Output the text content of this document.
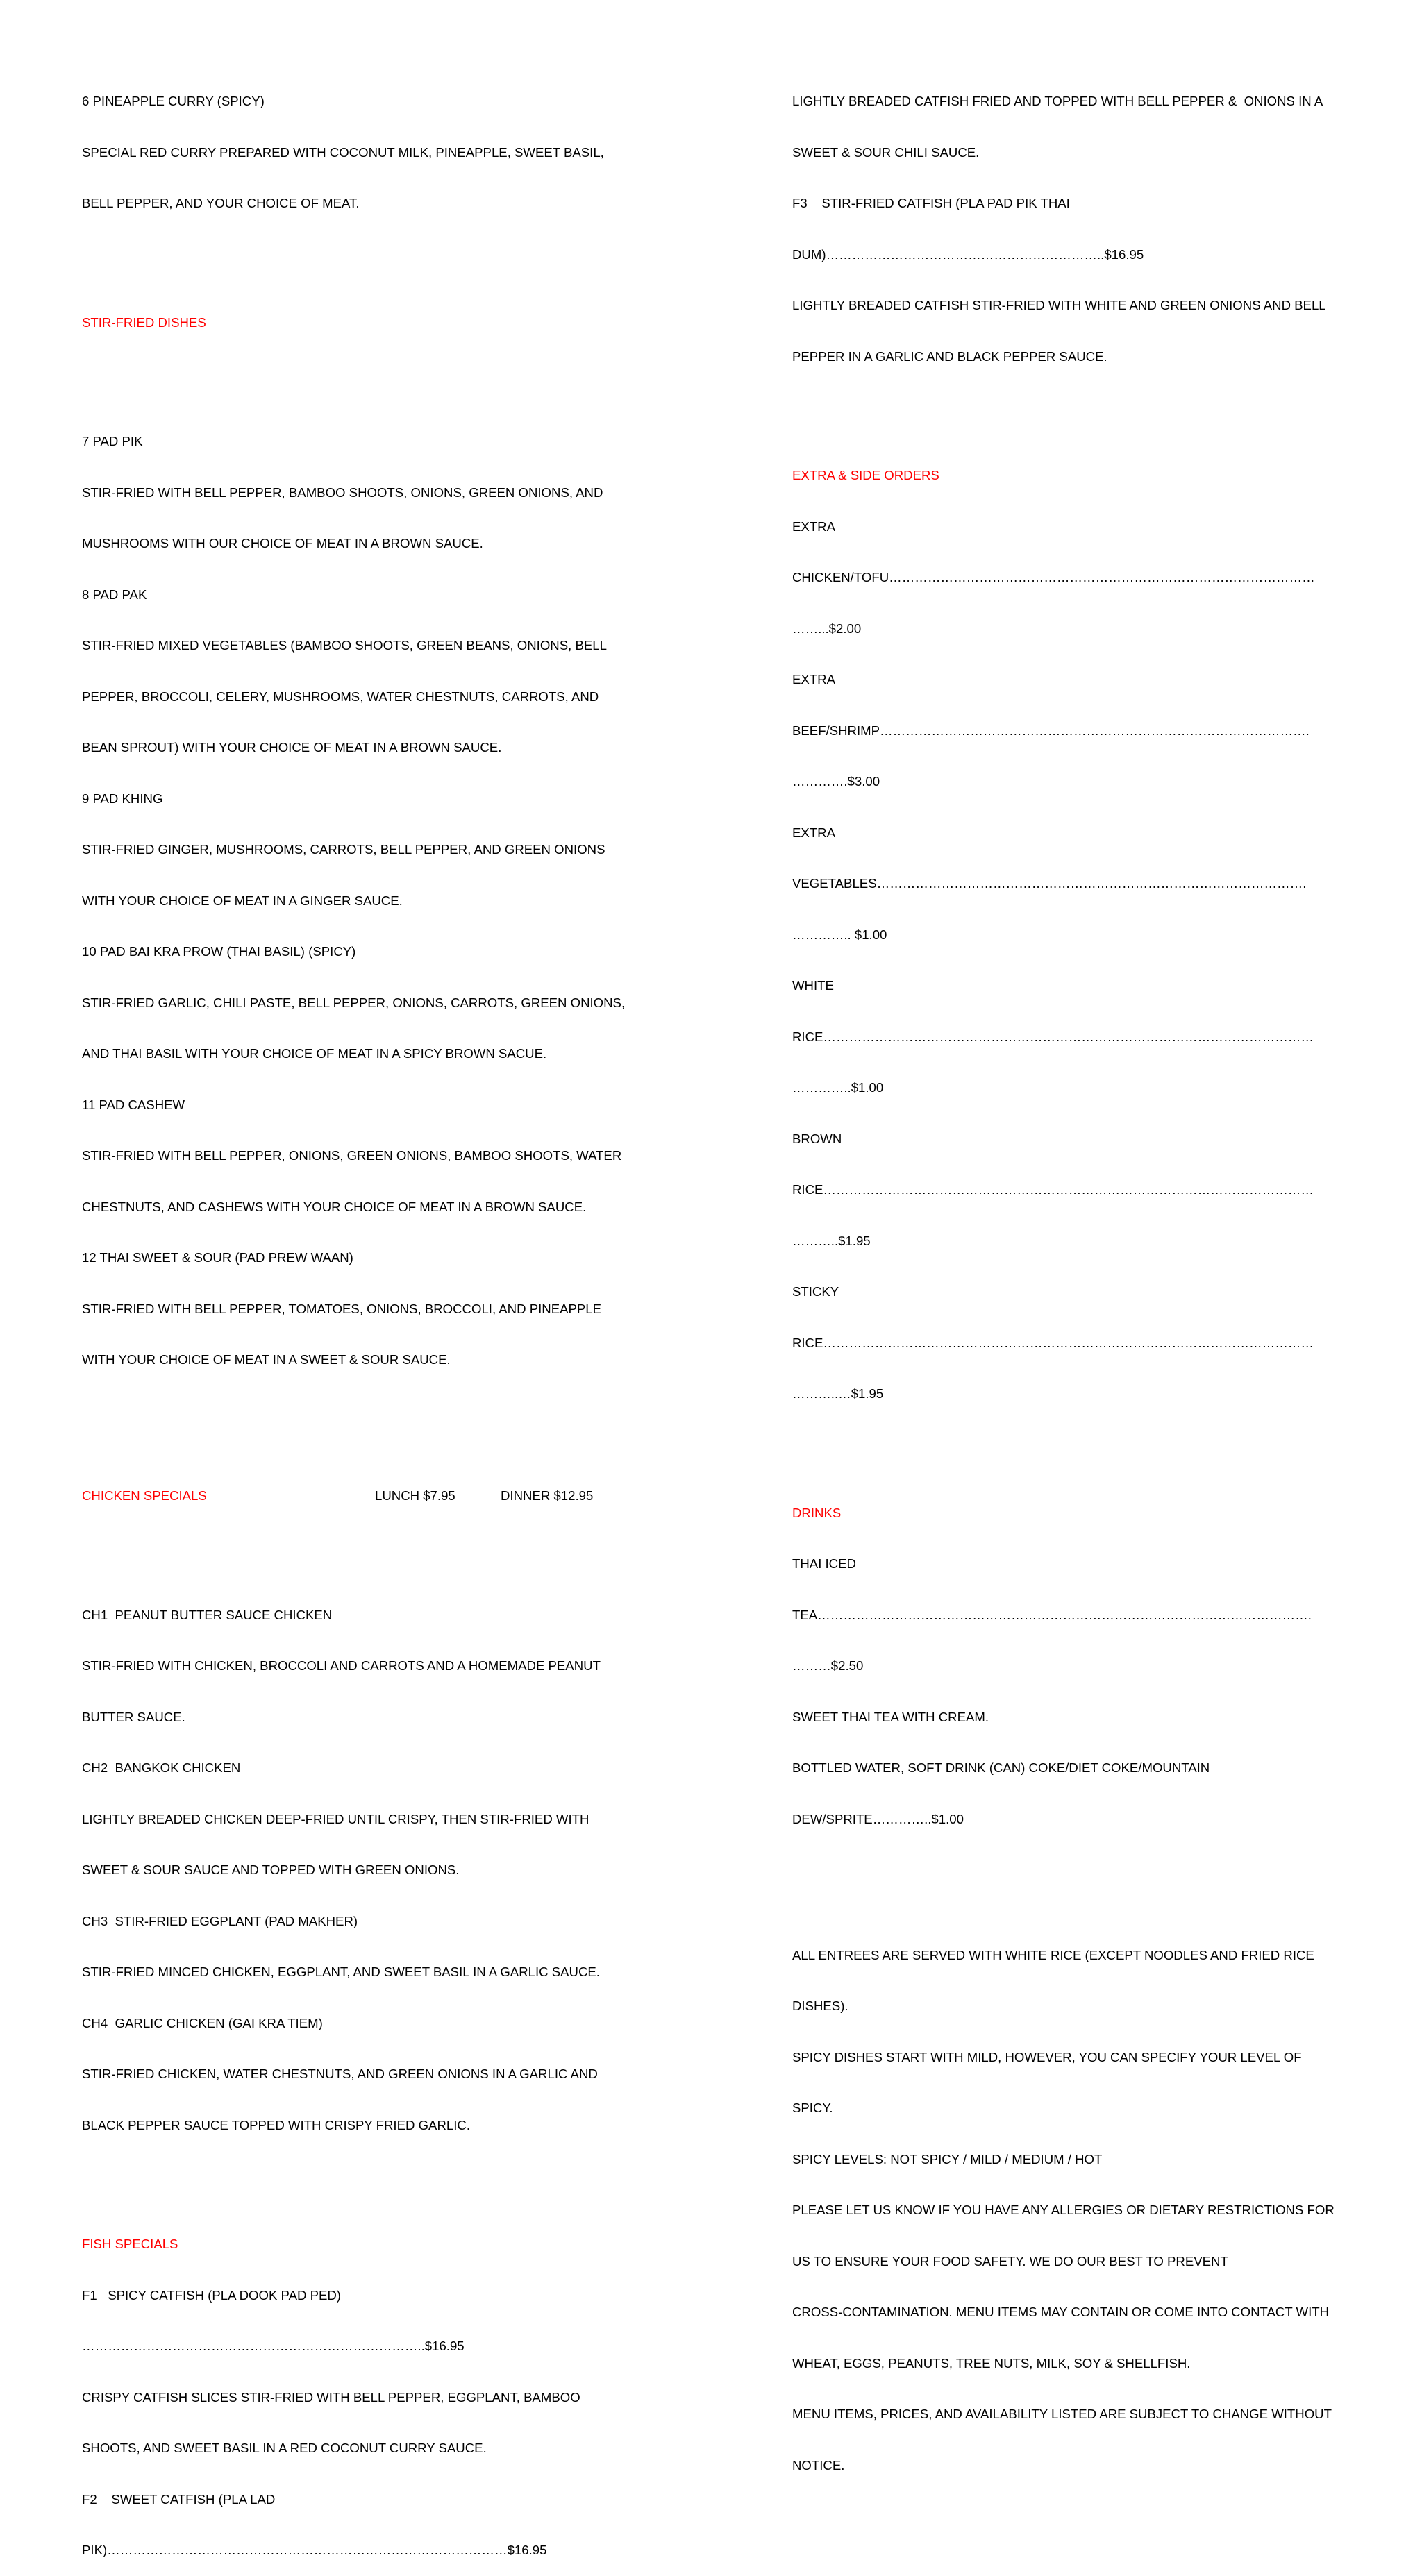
6 PINEAPPLE CURRY (SPICY)

SPECIAL RED CURRY PREPARED WITH COCONUT MILK, PINEAPPLE, SWEET BASIL,

BELL PEPPER, AND YOUR CHOICE OF MEAT.

STIR-FRIED DISHES

7 PAD PIK

STIR-FRIED WITH BELL PEPPER, BAMBOO SHOOTS, ONIONS, GREEN ONIONS, AND

MUSHROOMS WITH OUR CHOICE OF MEAT IN A BROWN SAUCE.

8 PAD PAK

STIR-FRIED MIXED VEGETABLES (BAMBOO SHOOTS, GREEN BEANS, ONIONS, BELL

PEPPER, BROCCOLI, CELERY, MUSHROOMS, WATER CHESTNUTS, CARROTS, AND

BEAN SPROUT) WITH YOUR CHOICE OF MEAT IN A BROWN SAUCE.

9 PAD KHING

STIR-FRIED GINGER, MUSHROOMS, CARROTS, BELL PEPPER, AND GREEN ONIONS

WITH YOUR CHOICE OF MEAT IN A GINGER SAUCE.

10 PAD BAI KRA PROW (THAI BASIL) (SPICY)

STIR-FRIED GARLIC, CHILI PASTE, BELL PEPPER, ONIONS, CARROTS, GREEN ONIONS,

AND THAI BASIL WITH YOUR CHOICE OF MEAT IN A SPICY BROWN SACUE.

11 PAD CASHEW

STIR-FRIED WITH BELL PEPPER, ONIONS, GREEN ONIONS, BAMBOO SHOOTS, WATER

CHESTNUTS, AND CASHEWS WITH YOUR CHOICE OF MEAT IN A BROWN SAUCE.

12 THAI SWEET & SOUR (PAD PREW WAAN)

STIR-FRIED WITH BELL PEPPER, TOMATOES, ONIONS, BROCCOLI, AND PINEAPPLE

WITH YOUR CHOICE OF MEAT IN A SWEET & SOUR SAUCE.

CHICKEN SPECIALS

	LUNCH $7.95

	DINNER $12.95

CH1  PEANUT BUTTER SAUCE CHICKEN

STIR-FRIED WITH CHICKEN, BROCCOLI AND CARROTS AND A HOMEMADE PEANUT

BUTTER SAUCE.

CH2  BANGKOK CHICKEN

LIGHTLY BREADED CHICKEN DEEP-FRIED UNTIL CRISPY, THEN STIR-FRIED WITH

SWEET & SOUR SAUCE AND TOPPED WITH GREEN ONIONS.

CH3  STIR-FRIED EGGPLANT (PAD MAKHER)

STIR-FRIED MINCED CHICKEN, EGGPLANT, AND SWEET BASIL IN A GARLIC SAUCE.

CH4  GARLIC CHICKEN (GAI KRA TIEM)

STIR-FRIED CHICKEN, WATER CHESTNUTS, AND GREEN ONIONS IN A GARLIC AND

BLACK PEPPER SAUCE TOPPED WITH CRISPY FRIED GARLIC.

FISH SPECIALS

F1   SPICY CATFISH (PLA DOOK PAD PED)

……………………………………………………………………..$16.95

CRISPY CATFISH SLICES STIR-FRIED WITH BELL PEPPER, EGGPLANT, BAMBOO

SHOOTS, AND SWEET BASIL IN A RED COCONUT CURRY SAUCE.

F2    SWEET CATFISH (PLA LAD

PIK)…………………………………………………………………………………$16.95

LIGHTLY BREADED CATFISH FRIED AND TOPPED WITH BELL PEPPER &  ONIONS IN A

SWEET & SOUR CHILI SAUCE.

F3    STIR-FRIED CATFISH (PLA PAD PIK THAI

DUM)………………………………………………………..$16.95

LIGHTLY BREADED CATFISH STIR-FRIED WITH WHITE AND GREEN ONIONS AND BELL

PEPPER IN A GARLIC AND BLACK PEPPER SAUCE.

EXTRA & SIDE ORDERS

EXTRA

CHICKEN/TOFU………………………………………………………………………………………

……...$2.00

EXTRA

BEEF/SHRIMP……………………………………………………………………………………….

………….$3.00

EXTRA

VEGETABLES……………………………………………………………………………………….

………….. $1.00

WHITE

RICE……………………………………………………………………………………………………

…………..$1.00

BROWN

RICE……………………………………………………………………………………………………

………..$1.95

STICKY

RICE……………………………………………………………………………………………………

………..…$1.95

DRINKS

THAI ICED

TEA…………………………………………………………………………………………………….

………$2.50

SWEET THAI TEA WITH CREAM.

BOTTLED WATER, SOFT DRINK (CAN) COKE/DIET COKE/MOUNTAIN

DEW/SPRITE…………..$1.00

ALL ENTREES ARE SERVED WITH WHITE RICE (EXCEPT NOODLES AND FRIED RICE

DISHES).

SPICY DISHES START WITH MILD, HOWEVER, YOU CAN SPECIFY YOUR LEVEL OF

SPICY.

SPICY LEVELS: NOT SPICY / MILD / MEDIUM / HOT

PLEASE LET US KNOW IF YOU HAVE ANY ALLERGIES OR DIETARY RESTRICTIONS FOR

US TO ENSURE YOUR FOOD SAFETY. WE DO OUR BEST TO PREVENT

CROSS-CONTAMINATION. MENU ITEMS MAY CONTAIN OR COME INTO CONTACT WITH

WHEAT, EGGS, PEANUTS, TREE NUTS, MILK, SOY & SHELLFISH.

MENU ITEMS, PRICES, AND AVAILABILITY LISTED ARE SUBJECT TO CHANGE WITHOUT

NOTICE.
